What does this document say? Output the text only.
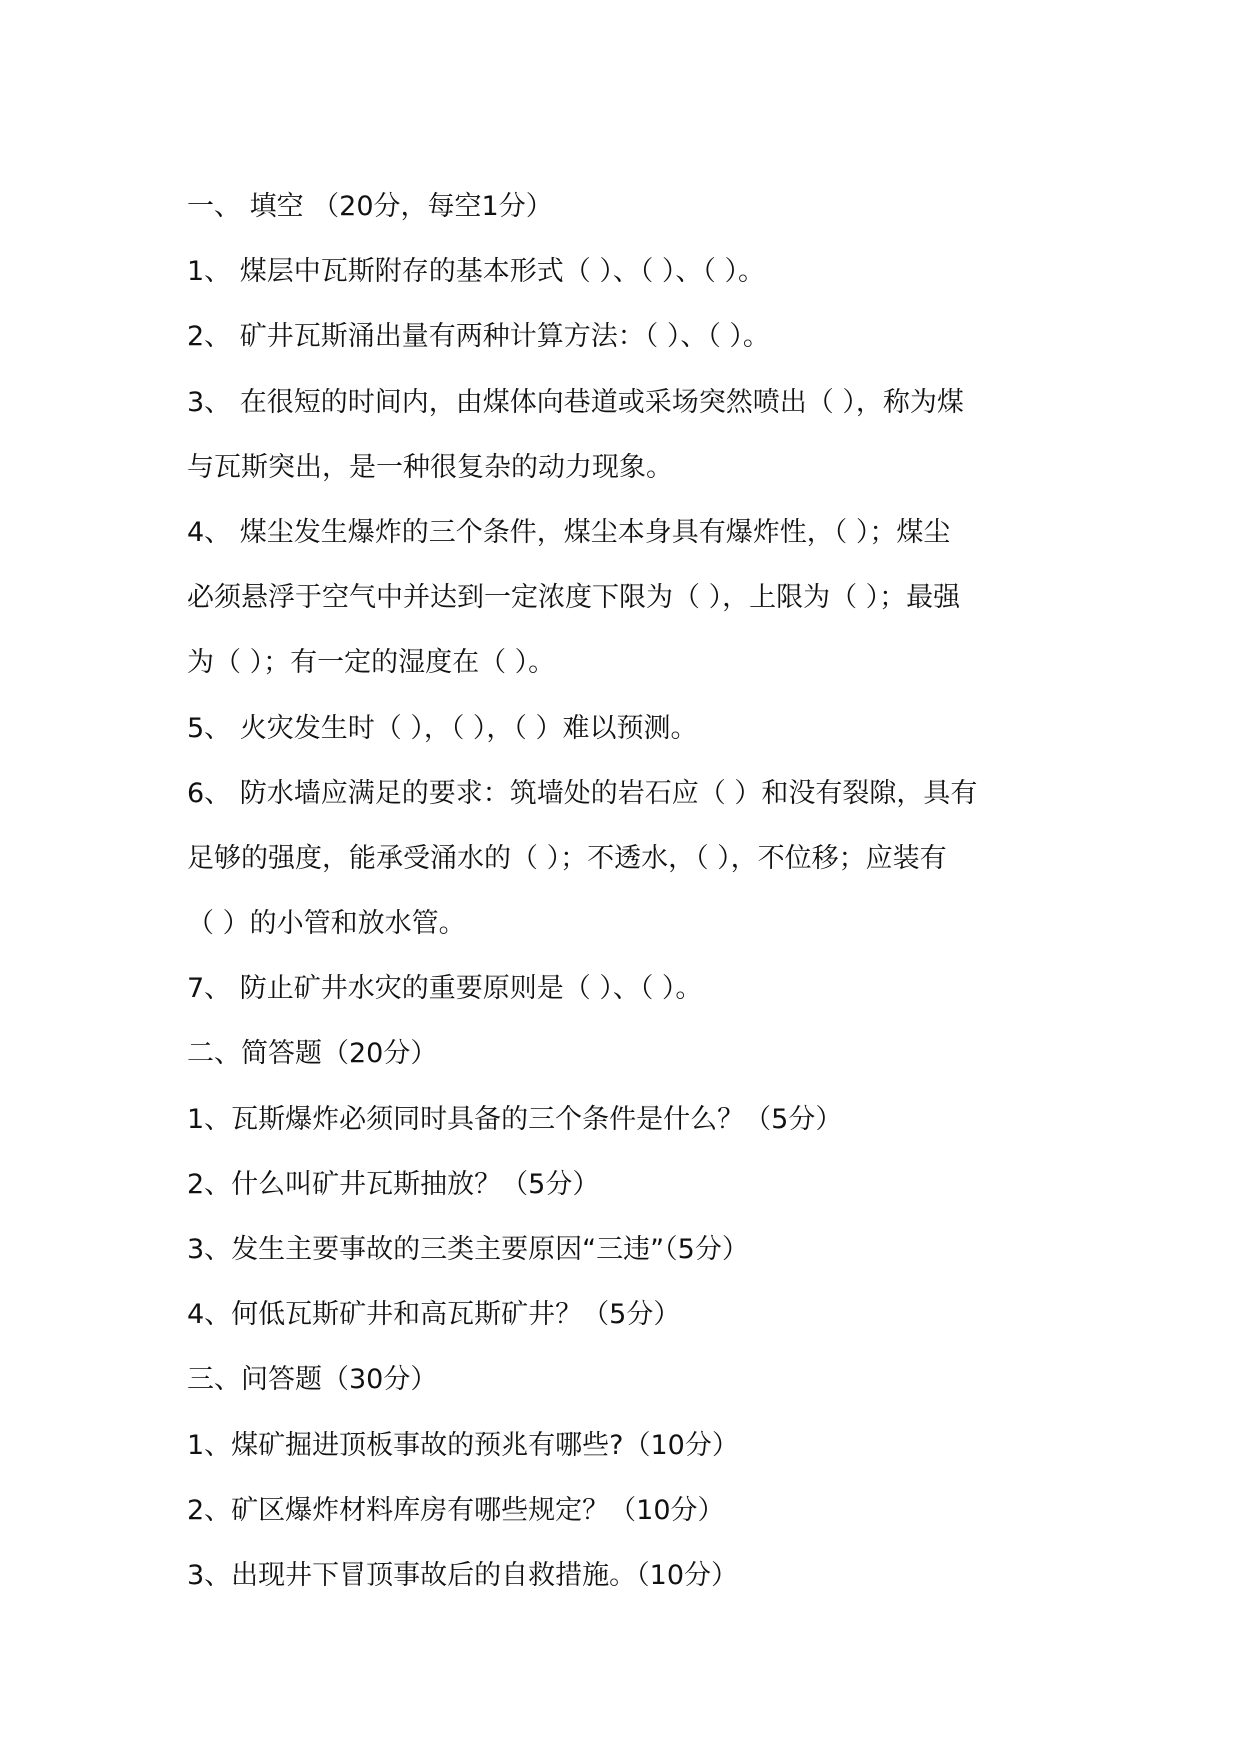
一、 填空 （20分，每空1分）

1、 煤层中瓦斯附存的基本形式（ ）、（ ）、（ ）。

2、 矿井瓦斯涌出量有两种计算方法：（ ）、（ ）。

3、 在很短的时间内，由煤体向巷道或采场突然喷出（ ），称为煤

与瓦斯突出，是一种很复杂的动力现象。

4、 煤尘发生爆炸的三个条件，煤尘本身具有爆炸性，（ ）；煤尘

必须悬浮于空气中并达到一定浓度下限为（ ），上限为（ ）；最强

为（ ）；有一定的湿度在（ ）。

5、 火灾发生时（ ），（ ），（ ）难以预测。

6、 防水墙应满足的要求：筑墙处的岩石应（ ）和没有裂隙，具有

足够的强度，能承受涌水的（ ）；不透水，（ ），不位移；应装有

（ ）的小管和放水管。

7、 防止矿井水灾的重要原则是（ ）、（ ）。

二、简答题（20分）

1、瓦斯爆炸必须同时具备的三个条件是什么？（5分）

2、什么叫矿井瓦斯抽放？（5分）

3、发生主要事故的三类主要原因“三违”（5分）

4、何低瓦斯矿井和高瓦斯矿井？（5分）

三、问答题（30分）

1、煤矿掘进顶板事故的预兆有哪些?（10分）

2、矿区爆炸材料库房有哪些规定？（10分）

3、出现井下冒顶事故后的自救措施。（10分）
